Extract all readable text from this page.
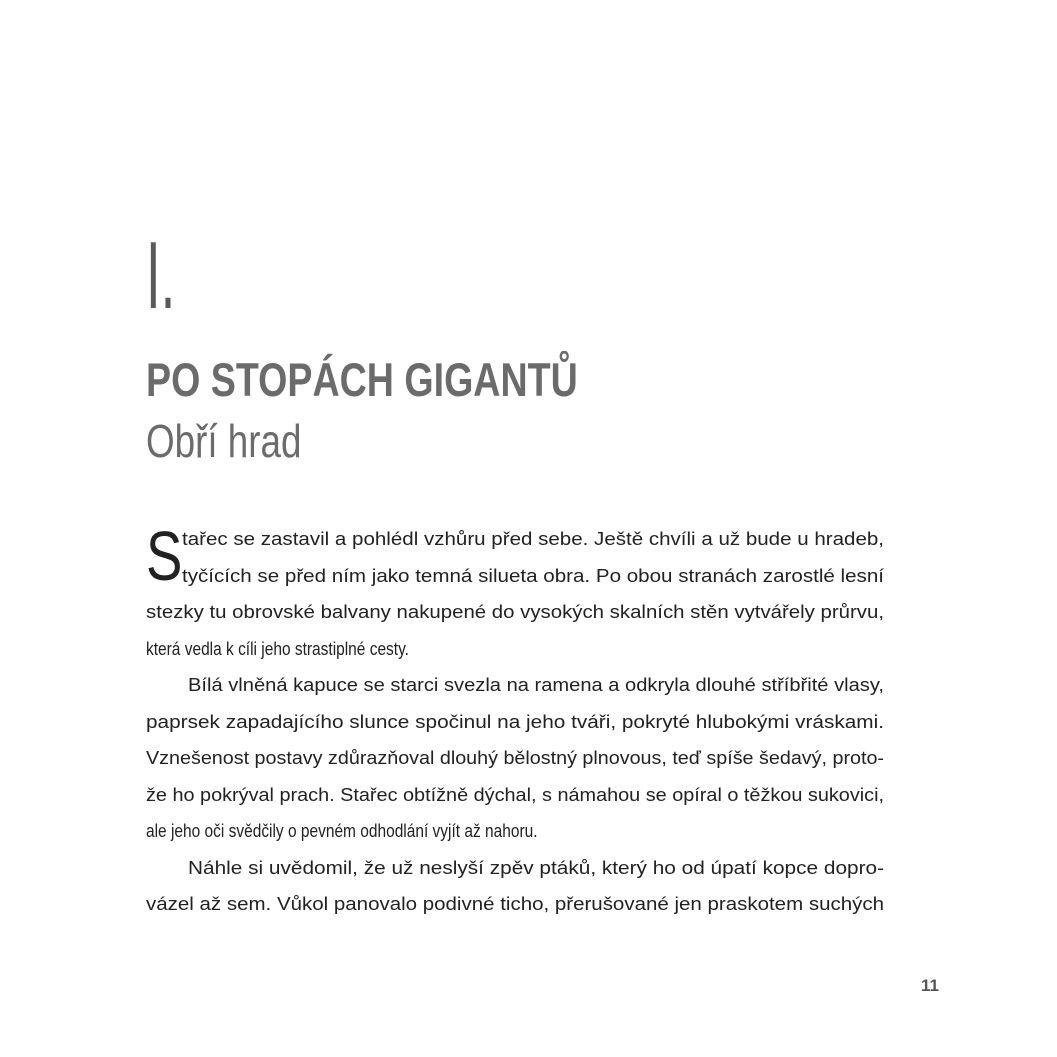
I.
PO STOPÁCH GIGANTŮ
Obří hrad
S tařec se zastavil a pohlédl vzhůru před sebe. Ještě chvíli a už bude u hradeb,
tyčících se před ním jako temná silueta obra. Po obou stranách zarostlé lesní
stezky tu obrovské balvany nakupené do vysokých skalních stěn vytvářely průrvu,
která vedla k cíli jeho strastiplné cesty.
Bílá vlněná kapuce se starci svezla na ramena a odkryla dlouhé stříbřité vlasy,
paprsek zapadajícího slunce spočinul na jeho tváři, pokryté hlubokými vráskami.
Vznešenost postavy zdůrazňoval dlouhý bělostný plnovous, teď spíše šedavý, proto-
že ho pokrýval prach. Stařec obtížně dýchal, s námahou se opíral o těžkou sukovici,
ale jeho oči svědčily o pevném odhodlání vyjít až nahoru.
Náhle si uvědomil, že už neslyší zpěv ptáků, který ho od úpatí kopce dopro-
vázel až sem. Vůkol panovalo podivné ticho, přerušované jen praskotem suchých
11
